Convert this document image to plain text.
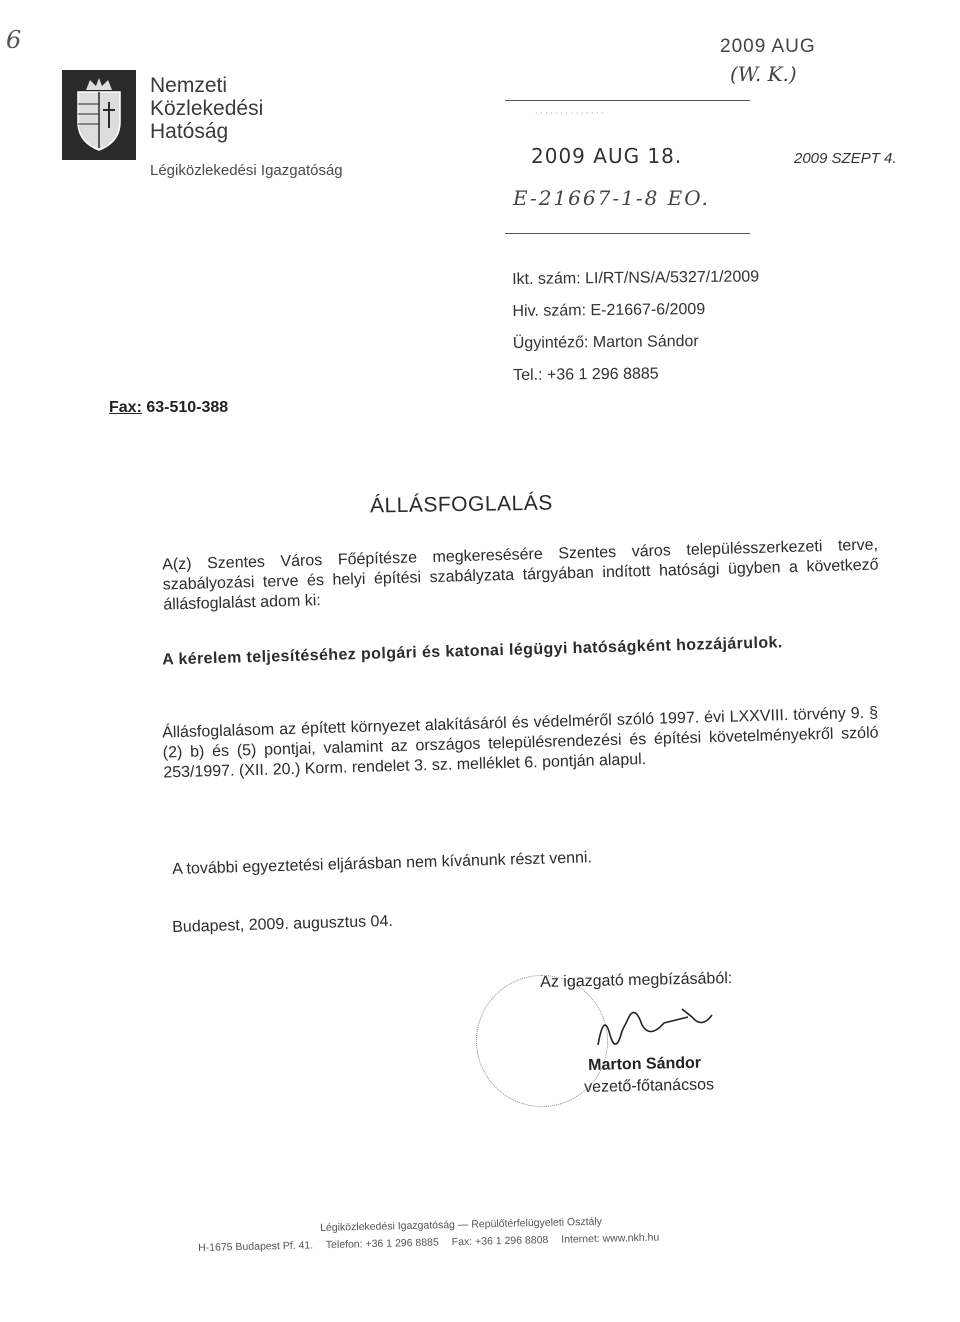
6
Nemzeti
Közlekedési
Hatóság
Légiközlekedési Igazgatóság
2009 AUG
(W. K.)
2009 SZEPT 4.
· · · · · · · · · · · · · ·
2009 AUG 18.
E-21667-1-8 EO.
Ikt. szám: LI/RT/NS/A/5327/1/2009
Hiv. szám: E-21667-6/2009
Ügyintéző: Marton Sándor
Tel.: +36 1 296 8885
Fax: 63-510-388
ÁLLÁSFOGLALÁS
A(z) Szentes Város Főépítésze megkeresésére Szentes város településszerkezeti terve, szabályozási terve és helyi építési szabályzata tárgyában indított hatósági ügyben a következő állásfoglalást adom ki:
A kérelem teljesítéséhez polgári és katonai légügyi hatóságként hozzájárulok.
Állásfoglalásom az épített környezet alakításáról és védelméről szóló 1997. évi LXXVIII. törvény 9. § (2) b) és (5) pontjai, valamint az országos településrendezési és építési követelményekről szóló 253/1997. (XII. 20.) Korm. rendelet 3. sz. melléklet 6. pontján alapul.
A további egyeztetési eljárásban nem kívánunk részt venni.
Budapest, 2009. augusztus 04.
Az igazgató megbízásából:
Marton Sándor
vezető-főtanácsos
Légiközlekedési Igazgatóság — Repülőtérfelügyeleti Osztály
H-1675 Budapest Pf. 41. Telefon: +36 1 296 8885 Fax: +36 1 296 8808 Internet: www.nkh.hu
